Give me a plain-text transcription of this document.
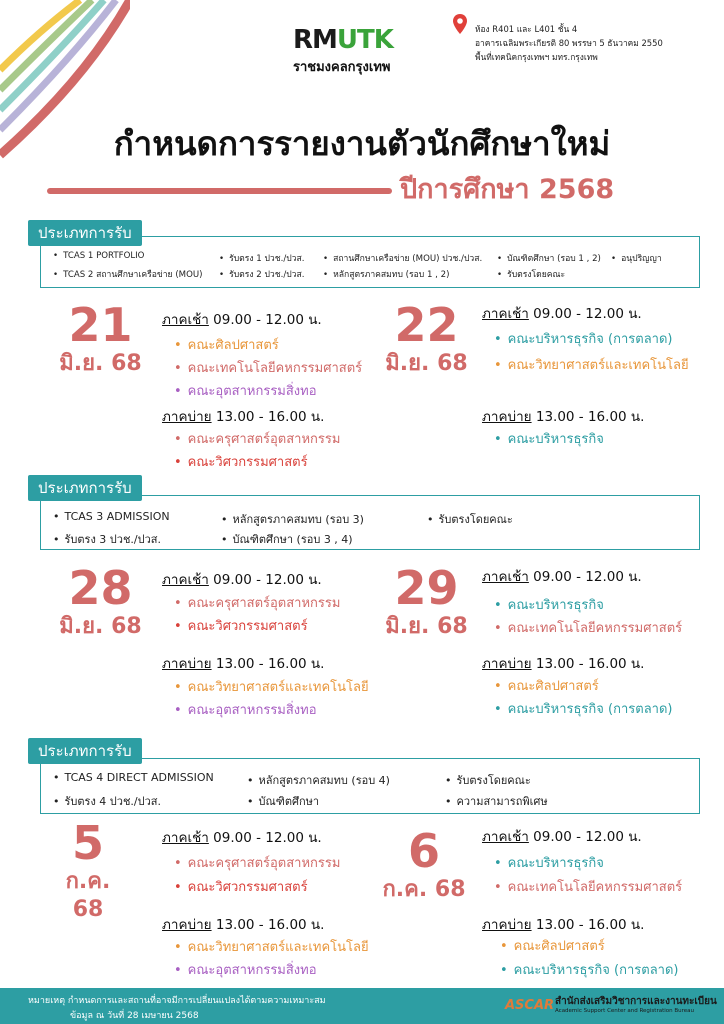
RMUTK
ราชมงคลกรุงเทพ
ห้อง R401 และ L401 ชั้น 4
อาคารเฉลิมพระเกียรติ 80 พรรษา 5 ธันวาคม 2550
พื้นที่เทคนิคกรุงเทพฯ มทร.กรุงเทพ
กำหนดการรายงานตัวนักศึกษาใหม่
ปีการศึกษา 2568
• TCAS 1 PORTFOLIO
• TCAS 2 สถานศึกษาเครือข่าย (MOU)
• รับตรง 1 ปวช./ปวส.
• รับตรง 2 ปวช./ปวส.
• สถานศึกษาเครือข่าย (MOU) ปวช./ปวส.
• หลักสูตรภาคสมทบ (รอบ 1 , 2)
• บัณฑิตศึกษา (รอบ 1 , 2)
• รับตรงโดยคณะ
• อนุปริญญา
ประเภทการรับ
21
มิ.ย. 68
ภาคเช้า 09.00 - 12.00 น.
• คณะศิลปศาสตร์
• คณะเทคโนโลยีคหกรรมศาสตร์
• คณะอุตสาหกรรมสิ่งทอ
ภาคบ่าย 13.00 - 16.00 น.
• คณะครุศาสตร์อุตสาหกรรม
• คณะวิศวกรรมศาสตร์
22
มิ.ย. 68
ภาคเช้า 09.00 - 12.00 น.
• คณะบริหารธุรกิจ (การตลาด)
• คณะวิทยาศาสตร์และเทคโนโลยี
ภาคบ่าย 13.00 - 16.00 น.
• คณะบริหารธุรกิจ
• TCAS 3 ADMISSION
• รับตรง 3 ปวช./ปวส.
• หลักสูตรภาคสมทบ (รอบ 3)
• บัณฑิตศึกษา (รอบ 3 , 4)
• รับตรงโดยคณะ
ประเภทการรับ
28
มิ.ย. 68
ภาคเช้า 09.00 - 12.00 น.
• คณะครุศาสตร์อุตสาหกรรม
• คณะวิศวกรรมศาสตร์
ภาคบ่าย 13.00 - 16.00 น.
• คณะวิทยาศาสตร์และเทคโนโลยี
• คณะอุตสาหกรรมสิ่งทอ
29
มิ.ย. 68
ภาคเช้า 09.00 - 12.00 น.
• คณะบริหารธุรกิจ
• คณะเทคโนโลยีคหกรรมศาสตร์
ภาคบ่าย 13.00 - 16.00 น.
• คณะศิลปศาสตร์
• คณะบริหารธุรกิจ (การตลาด)
• TCAS 4 DIRECT ADMISSION
• รับตรง 4 ปวช./ปวส.
• หลักสูตรภาคสมทบ (รอบ 4)
• บัณฑิตศึกษา
• รับตรงโดยคณะ
• ความสามารถพิเศษ
ประเภทการรับ
5
ก.ค. 68
ภาคเช้า 09.00 - 12.00 น.
• คณะครุศาสตร์อุตสาหกรรม
• คณะวิศวกรรมศาสตร์
ภาคบ่าย 13.00 - 16.00 น.
• คณะวิทยาศาสตร์และเทคโนโลยี
• คณะอุตสาหกรรมสิ่งทอ
6
ก.ค. 68
ภาคเช้า 09.00 - 12.00 น.
• คณะบริหารธุรกิจ
• คณะเทคโนโลยีคหกรรมศาสตร์
ภาคบ่าย 13.00 - 16.00 น.
• คณะศิลปศาสตร์
• คณะบริหารธุรกิจ (การตลาด)
หมายเหตุ กำหนดการและสถานที่อาจมีการเปลี่ยนแปลงได้ตามความเหมาะสม
ข้อมูล ณ วันที่ 28 เมษายน 2568
ASCAR สำนักส่งเสริมวิชาการและงานทะเบียน
Academic Support Center and Registration Bureau
